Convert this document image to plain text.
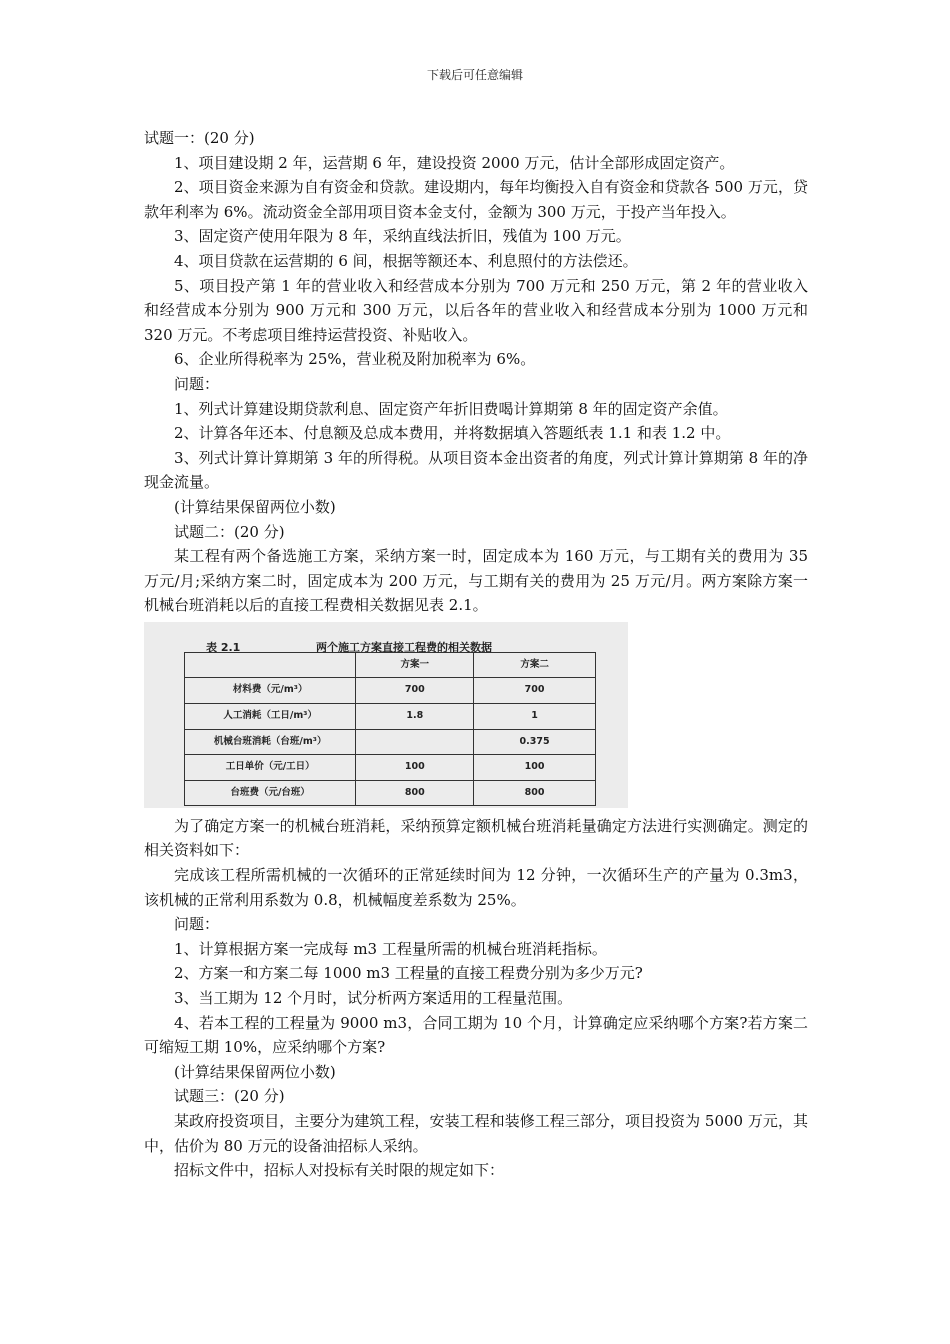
下载后可任意编辑

试题一：(20 分)

1、项目建设期 2 年，运营期 6 年，建设投资 2000 万元，估计全部形成固定资产。

2、项目资金来源为自有资金和贷款。建设期内，每年均衡投入自有资金和贷款各 500 万元，贷款年利率为 6%。流动资金全部用项目资本金支付，金额为 300 万元，于投产当年投入。

3、固定资产使用年限为 8 年，采纳直线法折旧，残值为 100 万元。

4、项目贷款在运营期的 6 间，根据等额还本、利息照付的方法偿还。

5、项目投产第 1 年的营业收入和经营成本分别为 700 万元和 250 万元，第 2 年的营业收入和经营成本分别为 900 万元和 300 万元，以后各年的营业收入和经营成本分别为 1000 万元和 320 万元。不考虑项目维持运营投资、补贴收入。

6、企业所得税率为 25%，营业税及附加税率为 6%。

问题：

1、列式计算建设期贷款利息、固定资产年折旧费喝计算期第 8 年的固定资产余值。

2、计算各年还本、付息额及总成本费用，并将数据填入答题纸表 1.1 和表 1.2 中。

3、列式计算计算期第 3 年的所得税。从项目资本金出资者的角度，列式计算计算期第 8 年的净现金流量。

(计算结果保留两位小数)

试题二：(20 分)

某工程有两个备选施工方案，采纳方案一时，固定成本为 160 万元，与工期有关的费用为 35 万元/月;采纳方案二时，固定成本为 200 万元，与工期有关的费用为 25 万元/月。两方案除方案一机械台班消耗以后的直接工程费相关数据见表 2.1。

表 2.1	两个施工方案直接工程费的相关数据
	方案一	方案二
材料费（元/m³）	700	700
人工消耗（工日/m³）	1.8	1
机械台班消耗（台班/m³）		0.375
工日单价（元/工日）	100	100
台班费（元/台班）	800	800

为了确定方案一的机械台班消耗，采纳预算定额机械台班消耗量确定方法进行实测确定。测定的相关资料如下：

完成该工程所需机械的一次循环的正常延续时间为 12 分钟，一次循环生产的产量为 0.3m3，该机械的正常利用系数为 0.8，机械幅度差系数为 25%。

问题：

1、计算根据方案一完成每 m3 工程量所需的机械台班消耗指标。

2、方案一和方案二每 1000 m3 工程量的直接工程费分别为多少万元?

3、当工期为 12 个月时，试分析两方案适用的工程量范围。

4、若本工程的工程量为 9000 m3，合同工期为 10 个月，计算确定应采纳哪个方案?若方案二可缩短工期 10%，应采纳哪个方案?

(计算结果保留两位小数)

试题三：(20 分)

某政府投资项目，主要分为建筑工程，安装工程和装修工程三部分，项目投资为 5000 万元，其中，估价为 80 万元的设备油招标人采纳。

招标文件中，招标人对投标有关时限的规定如下：
